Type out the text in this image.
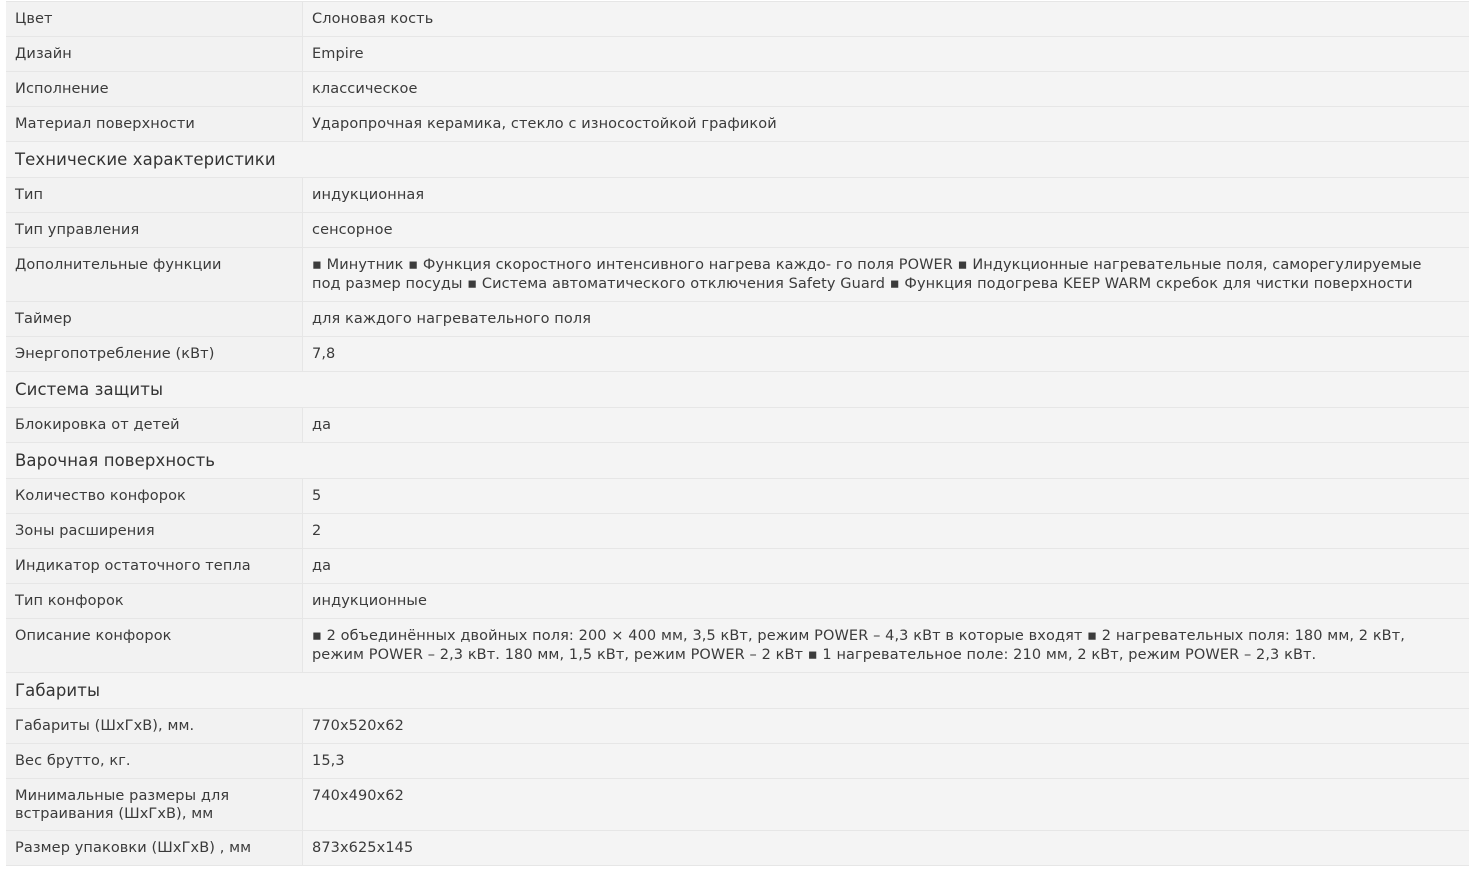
Цвет	Слоновая кость
Дизайн	Empire
Исполнение	классическое
Материал поверхности	Ударопрочная керамика, стекло с износостойкой графикой
Технические характеристики	
Тип	индукционная
Тип управления	сенсорное
Дополнительные функции	▪ Минутник ▪ Функция скоростного интенсивного нагрева каждо- го поля POWER ▪ Индукционные нагревательные поля, саморегулируемые под размер посуды ▪ Система автоматического отключения Safety Guard ▪ Функция подогрева KEEP WARM скребок для чистки поверхности
Таймер	для каждого нагревательного поля
Энергопотребление (кВт)	7,8
Система защиты	
Блокировка от детей	да
Варочная поверхность	
Количество конфорок	5
Зоны расширения	2
Индикатор остаточного тепла	да
Тип конфорок	индукционные
Описание конфорок	▪ 2 объединённых двойных поля: 200 × 400 мм, 3,5 кВт, режим POWER – 4,3 кВт в которые входят ▪ 2 нагревательных поля: 180 мм, 2 кВт, режим POWER – 2,3 кВт. 180 мм, 1,5 кВт, режим POWER – 2 кВт ▪ 1 нагревательное поле: 210 мм, 2 кВт, режим POWER – 2,3 кВт.
Габариты	
Габариты (ШхГхВ), мм.	770x520x62
Вес брутто, кг.	15,3
Минимальные размеры для встраивания (ШхГхВ), мм	740x490x62
Размер упаковки (ШхГхВ) , мм	873x625x145
